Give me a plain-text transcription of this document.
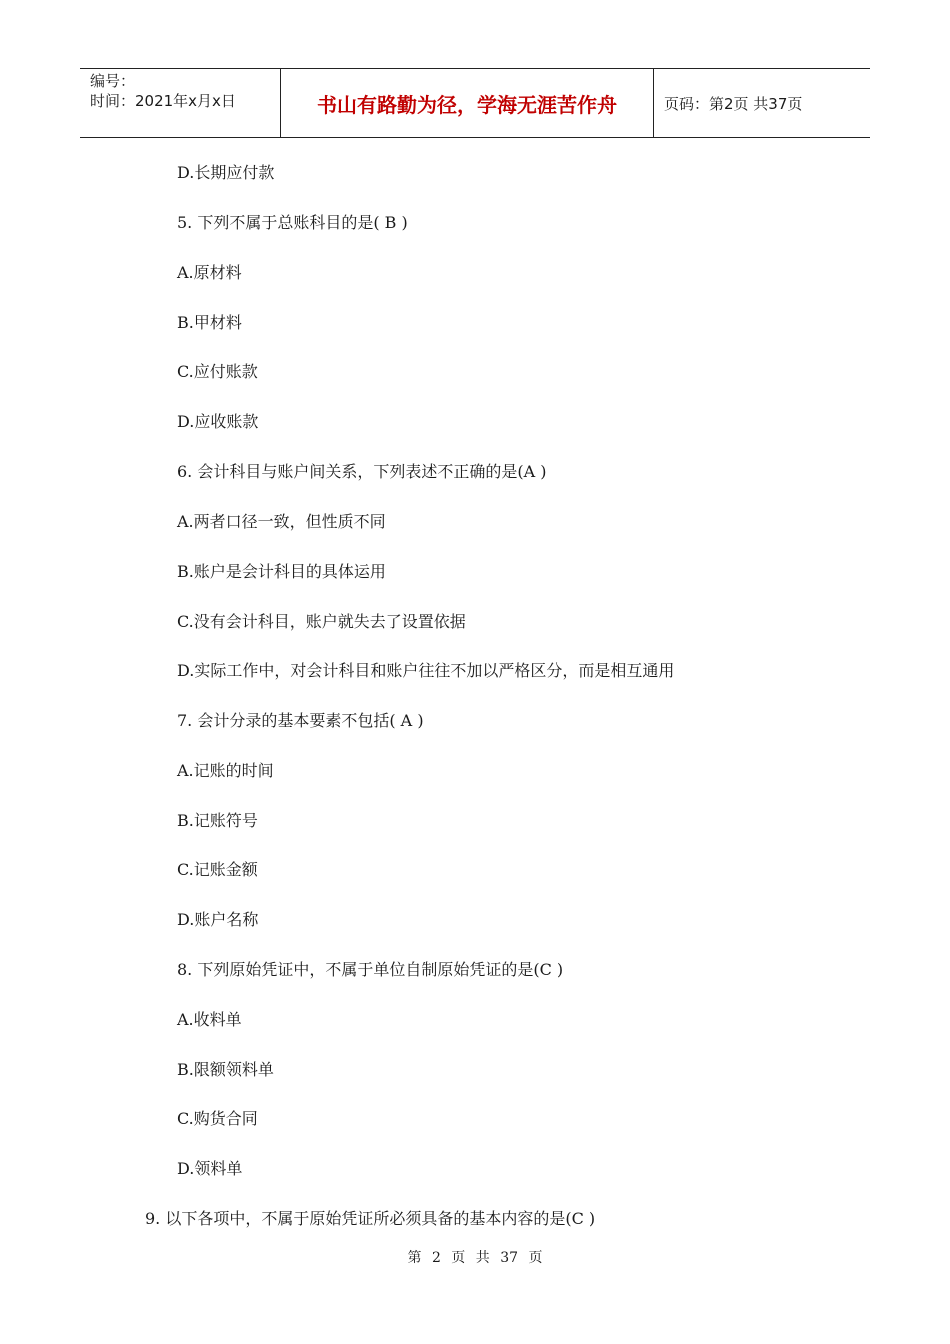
编号：
时间：2021年x月x日	书山有路勤为径，学海无涯苦作舟	页码：第2页 共37页
D.长期应付款
5. 下列不属于总账科目的是( B )
A.原材料
B.甲材料
C.应付账款
D.应收账款
6. 会计科目与账户间关系，下列表述不正确的是(A )
A.两者口径一致，但性质不同
B.账户是会计科目的具体运用
C.没有会计科目，账户就失去了设置依据
D.实际工作中，对会计科目和账户往往不加以严格区分，而是相互通用
7. 会计分录的基本要素不包括( A )
A.记账的时间
B.记账符号
C.记账金额
D.账户名称
8. 下列原始凭证中，不属于单位自制原始凭证的是(C )
A.收料单
B.限额领料单
C.购货合同
D.领料单
9. 以下各项中，不属于原始凭证所必须具备的基本内容的是(C )
第 2 页 共 37 页
